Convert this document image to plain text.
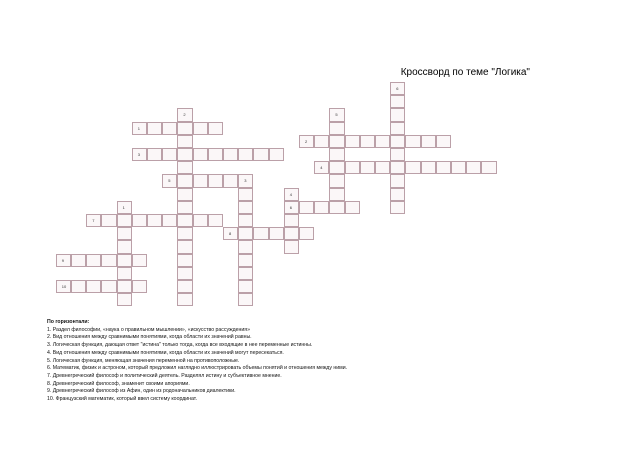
Кроссворд по теме "Логика"
1
2
3
4
5	3
6
7
8
9
10
1
2
4
5
6
По горизонтали:
1. Раздел философии, «наука о правильном мышлении», «искусство рассуждения»
2. Вид отношения между сравнимыми понятиями, когда области их значений равны.
3. Логическая функция, дающая ответ "истина" только тогда, когда все входящие в нее переменные истинны.
4. Вид отношения между сравнимыми понятиями, когда области их значений могут пересекаться.
5. Логическая функция, меняющая значения переменной на противоположные.
6. Математик, физик и астроном, который предложил наглядно иллюстрировать объемы понятий и отношения между ними.
7. Древнегреческий философ и политический деятель. Разделял истину и субъективное мнение.
8. Древнегреческий философ, знаменит своими апориями.
9. Древнегреческий философ из Афин, один из родоначальников диалектики.
10. Французский математик, который ввел систему координат.
